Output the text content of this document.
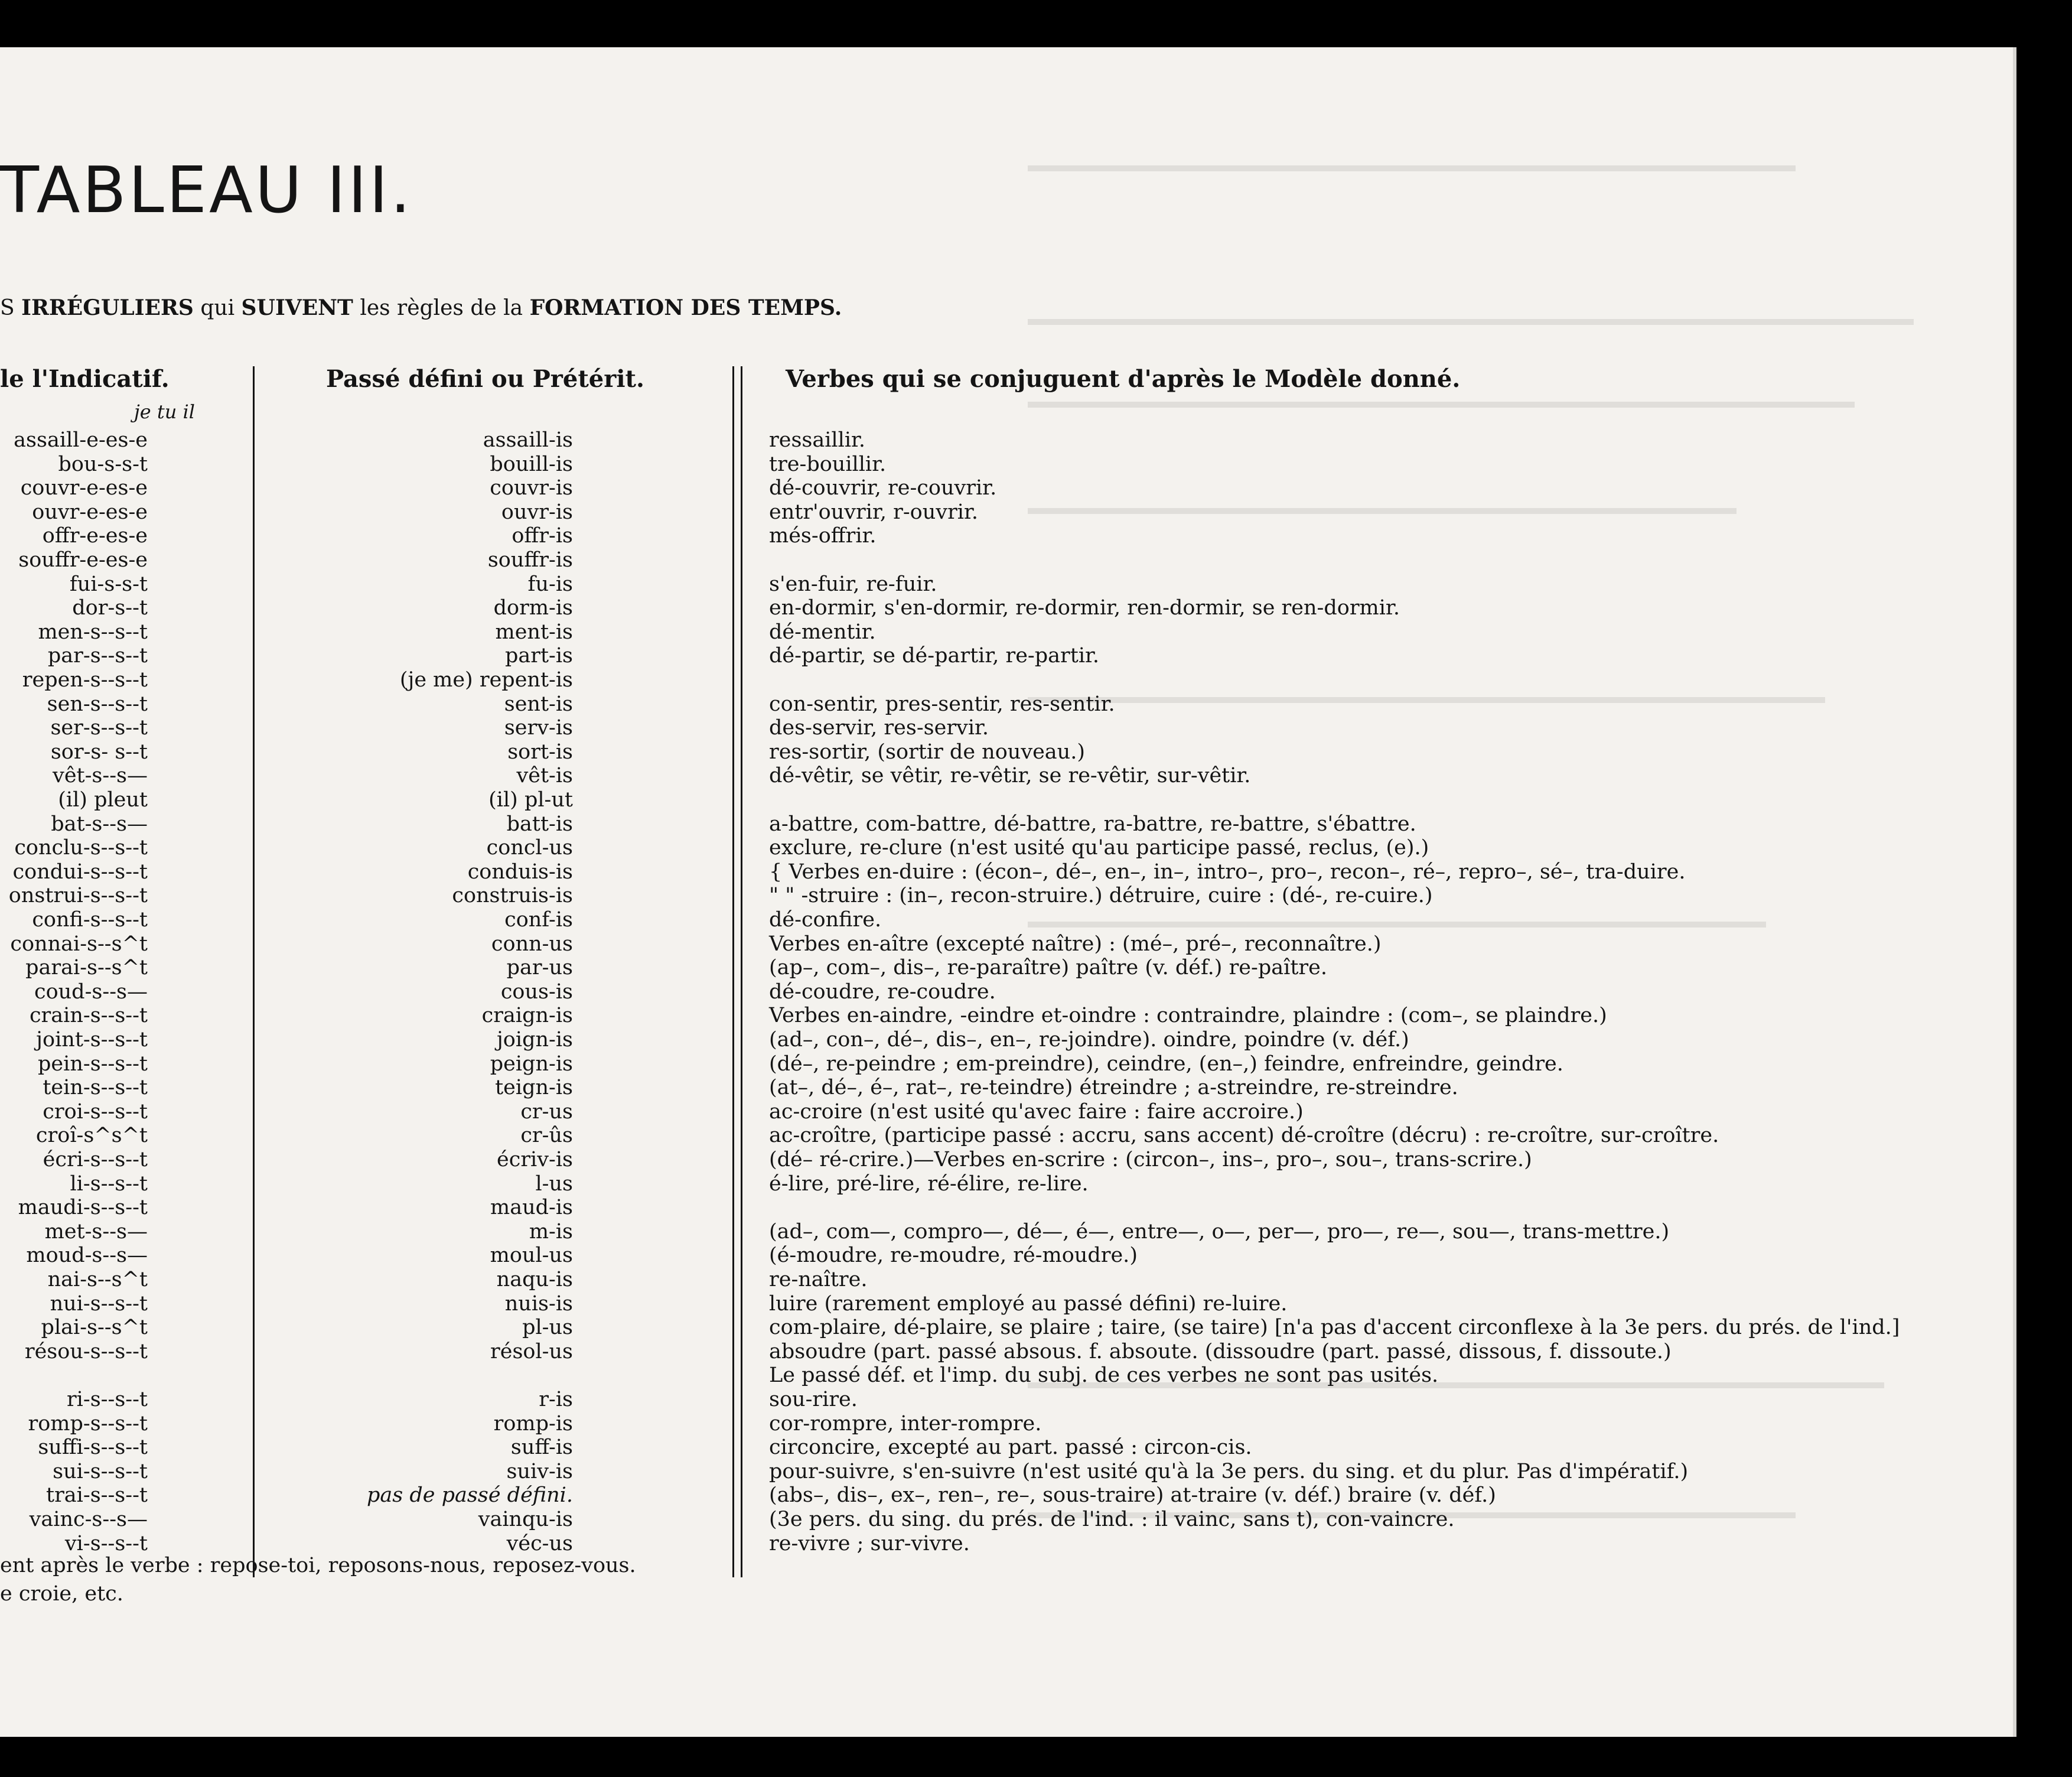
TABLEAU III.
S IRRÉGULIERS qui SUIVENT les règles de la FORMATION DES TEMPS.
le l'Indicatif.	Passé défini ou Prétérit.	Verbes qui se conjuguent d'après le Modèle donné.
je tu il
assaill-e-es-e	assaill-is	ressaillir.
bou-s-s-t	bouill-is	tre-bouillir.
couvr-e-es-e	couvr-is	dé-couvrir, re-couvrir.
ouvr-e-es-e	ouvr-is	entr'ouvrir, r-ouvrir.
offr-e-es-e	offr-is	més-offrir.
souffr-e-es-e	souffr-is
fui-s-s-t	fu-is	s'en-fuir, re-fuir.
dor-s--t	dorm-is	en-dormir, s'en-dormir, re-dormir, ren-dormir, se ren-dormir.
men-s--s--t	ment-is	dé-mentir.
par-s--s--t	part-is	dé-partir, se dé-partir, re-partir.
repen-s--s--t	(je me) repent-is
sen-s--s--t	sent-is	con-sentir, pres-sentir, res-sentir.
ser-s--s--t	serv-is	des-servir, res-servir.
sor-s- s--t	sort-is	res-sortir, (sortir de nouveau.)
vêt-s--s—	vêt-is	dé-vêtir, se vêtir, re-vêtir, se re-vêtir, sur-vêtir.
(il) pleut	(il) pl-ut
bat-s--s—	batt-is	a-battre, com-battre, dé-battre, ra-battre, re-battre, s'ébattre.
conclu-s--s--t	concl-us	exclure, re-clure (n'est usité qu'au participe passé, reclus, (e).)
condui-s--s--t	conduis-is	{ Verbes en-duire : (écon–, dé–, en–, in–, intro–, pro–, recon–, ré–, repro–, sé–, tra-duire.
onstrui-s--s--t	construis-is	" " -struire : (in–, recon-struire.) détruire, cuire : (dé-, re-cuire.)
confi-s--s--t	conf-is	dé-confire.
connai-s--s^t	conn-us	Verbes en-aître (excepté naître) : (mé–, pré–, reconnaître.)
parai-s--s^t	par-us	(ap–, com–, dis–, re-paraître) paître (v. déf.) re-paître.
coud-s--s—	cous-is	dé-coudre, re-coudre.
crain-s--s--t	craign-is	Verbes en-aindre, -eindre et-oindre : contraindre, plaindre : (com–, se plaindre.)
joint-s--s--t	joign-is	(ad–, con–, dé–, dis–, en–, re-joindre). oindre, poindre (v. déf.)
pein-s--s--t	peign-is	(dé–, re-peindre ; em-preindre), ceindre, (en–,) feindre, enfreindre, geindre.
tein-s--s--t	teign-is	(at–, dé–, é–, rat–, re-teindre) étreindre ; a-streindre, re-streindre.
croi-s--s--t	cr-us	ac-croire (n'est usité qu'avec faire : faire accroire.)
croî-s^s^t	cr-ûs	ac-croître, (participe passé : accru, sans accent) dé-croître (décru) : re-croître, sur-croître.
écri-s--s--t	écriv-is	(dé– ré-crire.)—Verbes en-scrire : (circon–, ins–, pro–, sou–, trans-scrire.)
li-s--s--t	l-us	é-lire, pré-lire, ré-élire, re-lire.
maudi-s--s--t	maud-is
met-s--s—	m-is	(ad–, com—, compro—, dé—, é—, entre—, o—, per—, pro—, re—, sou—, trans-mettre.)
moud-s--s—	moul-us	(é-moudre, re-moudre, ré-moudre.)
nai-s--s^t	naqu-is	re-naître.
nui-s--s--t	nuis-is	luire (rarement employé au passé défini) re-luire.
plai-s--s^t	pl-us	com-plaire, dé-plaire, se plaire ; taire, (se taire) [n'a pas d'accent circonflexe à la 3e pers. du prés. de l'ind.]
résou-s--s--t	résol-us	absoudre (part. passé absous. f. absoute. (dissoudre (part. passé, dissous, f. dissoute.)
Le passé déf. et l'imp. du subj. de ces verbes ne sont pas usités.
ri-s--s--t	r-is	sou-rire.
romp-s--s--t	romp-is	cor-rompre, inter-rompre.
suffi-s--s--t	suff-is	circoncire, excepté au part. passé : circon-cis.
sui-s--s--t	suiv-is	pour-suivre, s'en-suivre (n'est usité qu'à la 3e pers. du sing. et du plur. Pas d'impératif.)
trai-s--s--t	pas de passé défini.	(abs–, dis–, ex–, ren–, re–, sous-traire) at-traire (v. déf.) braire (v. déf.)
vainc-s--s—	vainqu-is	(3e pers. du sing. du prés. de l'ind. : il vainc, sans t), con-vaincre.
vi-s--s--t	véc-us	re-vivre ; sur-vivre.
ent après le verbe : repose-toi, reposons-nous, reposez-vous.
e croie, etc.
